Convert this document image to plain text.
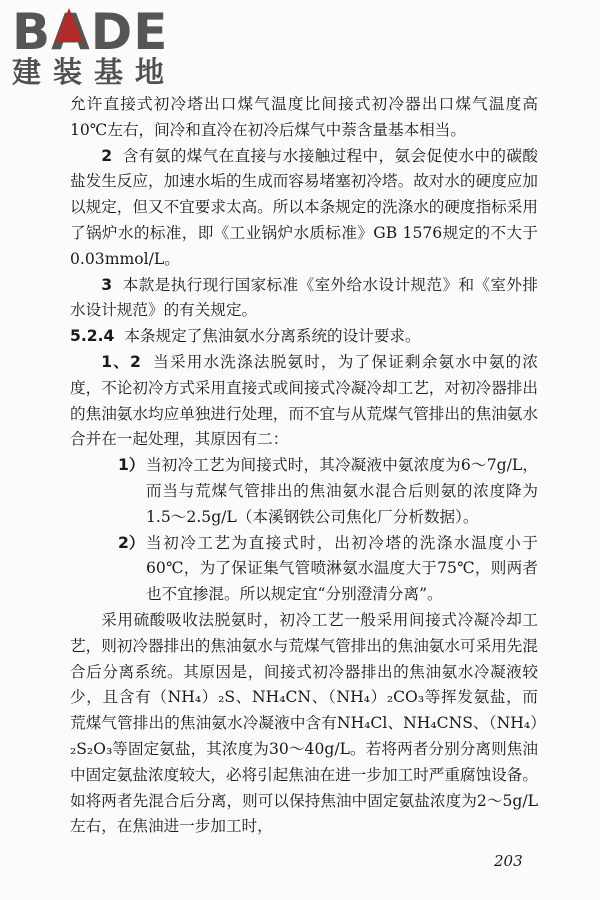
BADE
建装基地

允许直接式初冷塔出口煤气温度比间接式初冷器出口煤气温度高10℃左右，间冷和直冷在初冷后煤气中萘含量基本相当。

2 含有氨的煤气在直接与水接触过程中，氨会促使水中的碳酸盐发生反应，加速水垢的生成而容易堵塞初冷塔。故对水的硬度应加以规定，但又不宜要求太高。所以本条规定的洗涤水的硬度指标采用了锅炉水的标准，即《工业锅炉水质标准》GB 1576规定的不大于0.03mmol/L。

3 本款是执行现行国家标准《室外给水设计规范》和《室外排水设计规范》的有关规定。

5.2.4 本条规定了焦油氨水分离系统的设计要求。

1、2 当采用水洗涤法脱氨时，为了保证剩余氨水中氨的浓度，不论初冷方式采用直接式或间接式冷凝冷却工艺，对初冷器排出的焦油氨水均应单独进行处理，而不宜与从荒煤气管排出的焦油氨水合并在一起处理，其原因有二：

1） 当初冷工艺为间接式时，其冷凝液中氨浓度为6～7g/L，而当与荒煤气管排出的焦油氨水混合后则氨的浓度降为1.5～2.5g/L（本溪钢铁公司焦化厂分析数据）。
2） 当初冷工艺为直接式时，出初冷塔的洗涤水温度小于60℃，为了保证集气管喷淋氨水温度大于75℃，则两者也不宜掺混。所以规定宜“分别澄清分离”。

采用硫酸吸收法脱氨时，初冷工艺一般采用间接式冷凝冷却工艺，则初冷器排出的焦油氨水与荒煤气管排出的焦油氨水可采用先混合后分离系统。其原因是，间接式初冷器排出的焦油氨水冷凝液较少，且含有（NH₄）₂S、NH₄CN、（NH₄）₂CO₃等挥发氨盐，而荒煤气管排出的焦油氨水冷凝液中含有NH₄Cl、NH₄CNS、（NH₄）₂S₂O₃等固定氨盐，其浓度为30～40g/L。若将两者分别分离则焦油中固定氨盐浓度较大，必将引起焦油在进一步加工时严重腐蚀设备。如将两者先混合后分离，则可以保持焦油中固定氨盐浓度为2～5g/L左右，在焦油进一步加工时，

203
